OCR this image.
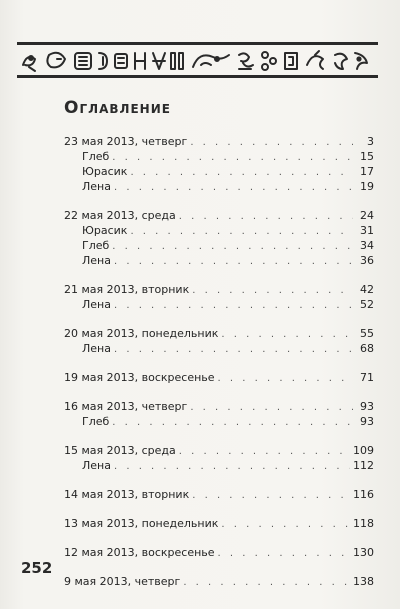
Оглавление
23 мая 2013, четверг . . .	3
Глеб . . .	15
Юрасик . . .	17
Лена . . .	19
22 мая 2013, среда . . .	24
Юрасик . . .	31
Глеб . . .	34
Лена . . .	36
21 мая 2013, вторник . . .	42
Лена . . .	52
20 мая 2013, понедельник . . .	55
Лена . . .	68
19 мая 2013, воскресенье . . .	71
16 мая 2013, четверг . . .	93
Глеб . . .	93
15 мая 2013, среда . . .	109
Лена . . .	112
14 мая 2013, вторник . . .	116
13 мая 2013, понедельник . . .	118
12 мая 2013, воскресенье . . .	130
9 мая 2013, четверг . . .	138
252
